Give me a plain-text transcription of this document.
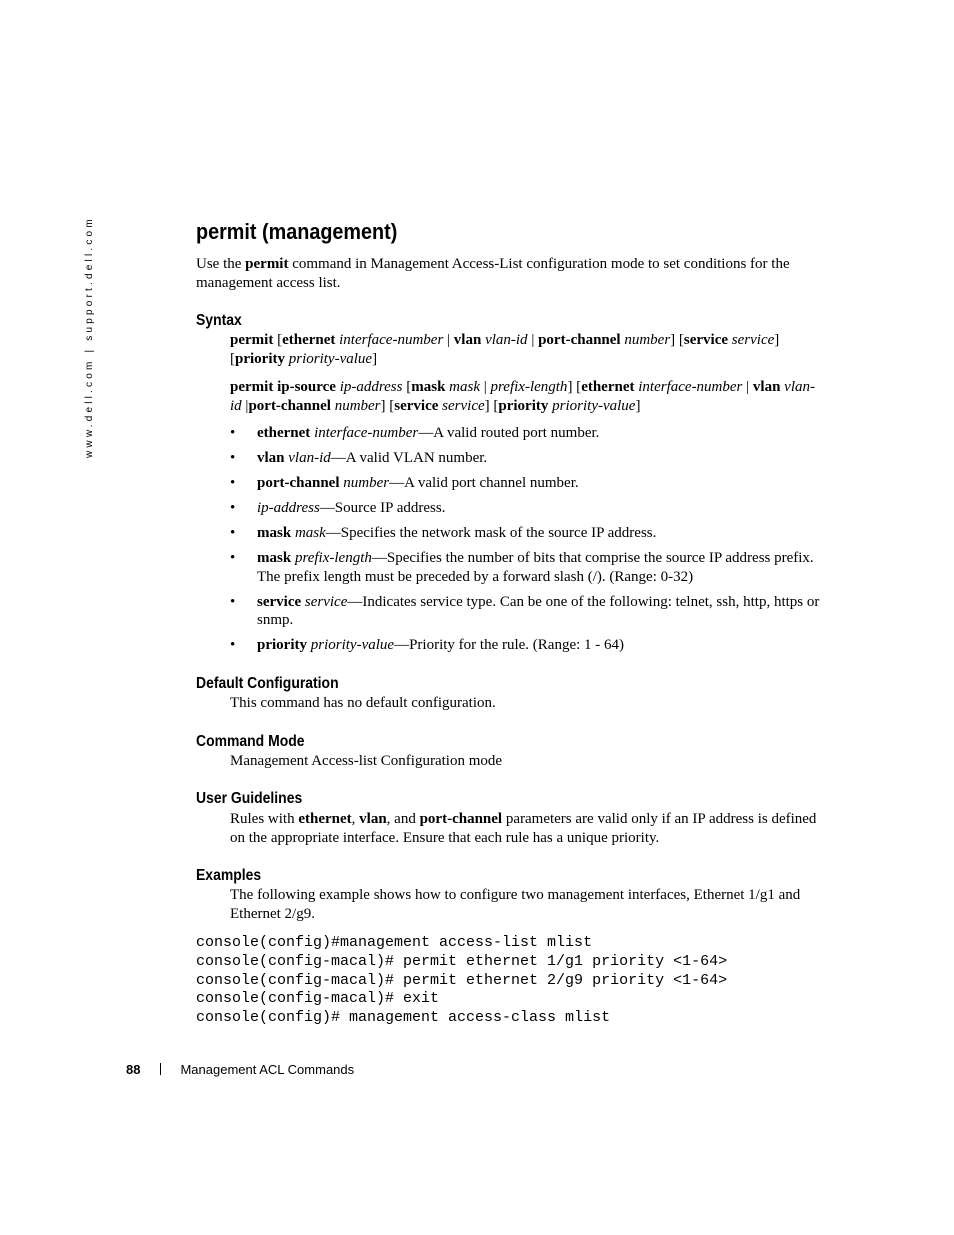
www.dell.com | support.dell.com	permit (management)

Use the permit command in Management Access-List configuration mode to set conditions for the management access list.

Syntax

permit [ethernet interface-number | vlan vlan-id | port-channel number] [service service] [priority priority-value]

permit ip-source ip-address [mask mask | prefix-length] [ethernet interface-number | vlan vlan-id |port-channel number] [service service] [priority priority-value]

• ethernet interface-number—A valid routed port number.
• vlan vlan-id—A valid VLAN number.
• port-channel number—A valid port channel number.
• ip-address—Source IP address.
• mask mask—Specifies the network mask of the source IP address.
• mask prefix-length—Specifies the number of bits that comprise the source IP address prefix. The prefix length must be preceded by a forward slash (/). (Range: 0-32)
• service service—Indicates service type. Can be one of the following: telnet, ssh, http, https or snmp.
• priority priority-value—Priority for the rule. (Range: 1 - 64)
Default Configuration

This command has no default configuration.

Command Mode

Management Access-list Configuration mode

User Guidelines

Rules with ethernet, vlan, and port-channel parameters are valid only if an IP address is defined on the appropriate interface. Ensure that each rule has a unique priority.

Examples

The following example shows how to configure two management interfaces, Ethernet 1/g1 and Ethernet 2/g9.

console(config)#management access-list mlist
console(config-macal)# permit ethernet 1/g1 priority <1-64>
console(config-macal)# permit ethernet 2/g9 priority <1-64>
console(config-macal)# exit
console(config)# management access-class mlist
88	Management ACL Commands
